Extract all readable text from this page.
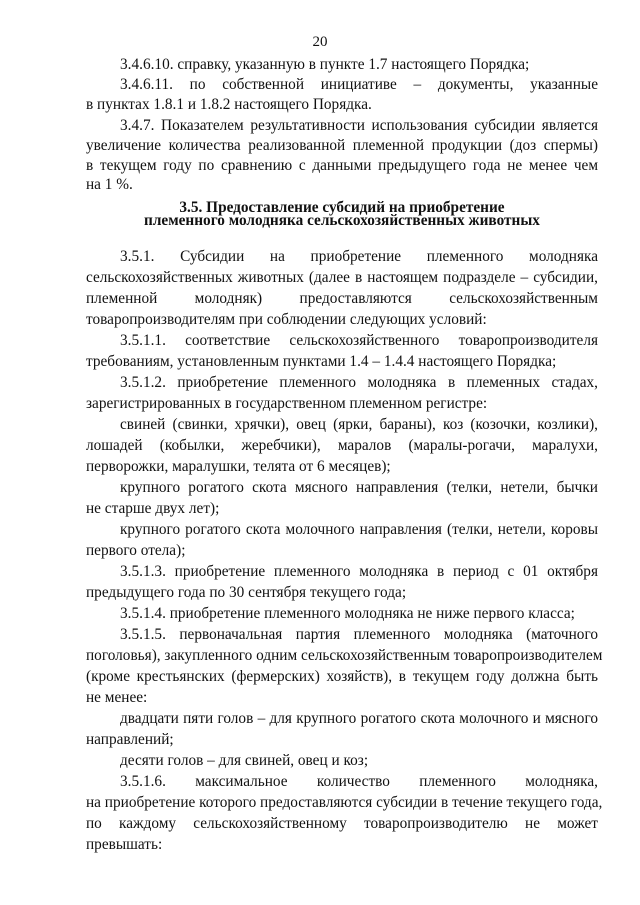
20
3.4.6.10. справку, указанную в пункте 1.7 настоящего Порядка;
3.4.6.11. по собственной инициативе – документы, указанные
в пунктах 1.8.1 и 1.8.2 настоящего Порядка.
3.4.7. Показателем результативности использования субсидии является
увеличение количества реализованной племенной продукции (доз спермы)
в текущем году по сравнению с данными предыдущего года не менее чем
на 1 %.
3.5. Предоставление субсидий на приобретение
племенного молодняка сельскохозяйственных животных
3.5.1. Субсидии на приобретение племенного молодняка
сельскохозяйственных животных (далее в настоящем подразделе – субсидии,
племенной молодняк) предоставляются сельскохозяйственным
товаропроизводителям при соблюдении следующих условий:
3.5.1.1. соответствие сельскохозяйственного товаропроизводителя
требованиям, установленным пунктами 1.4 – 1.4.4 настоящего Порядка;
3.5.1.2. приобретение племенного молодняка в племенных стадах,
зарегистрированных в государственном племенном регистре:
свиней (свинки, хрячки), овец (ярки, бараны), коз (козочки, козлики),
лошадей (кобылки, жеребчики), маралов (маралы-рогачи, маралухи,
перворожки, маралушки, телята от 6 месяцев);
крупного рогатого скота мясного направления (телки, нетели, бычки
не старше двух лет);
крупного рогатого скота молочного направления (телки, нетели, коровы
первого отела);
3.5.1.3. приобретение племенного молодняка в период с 01 октября
предыдущего года по 30 сентября текущего года;
3.5.1.4. приобретение племенного молодняка не ниже первого класса;
3.5.1.5. первоначальная партия племенного молодняка (маточного
поголовья), закупленного одним сельскохозяйственным товаропроизводителем
(кроме крестьянских (фермерских) хозяйств), в текущем году должна быть
не менее:
двадцати пяти голов – для крупного рогатого скота молочного и мясного
направлений;
десяти голов – для свиней, овец и коз;
3.5.1.6. максимальное количество племенного молодняка,
на приобретение которого предоставляются субсидии в течение текущего года,
по каждому сельскохозяйственному товаропроизводителю не может
превышать:
